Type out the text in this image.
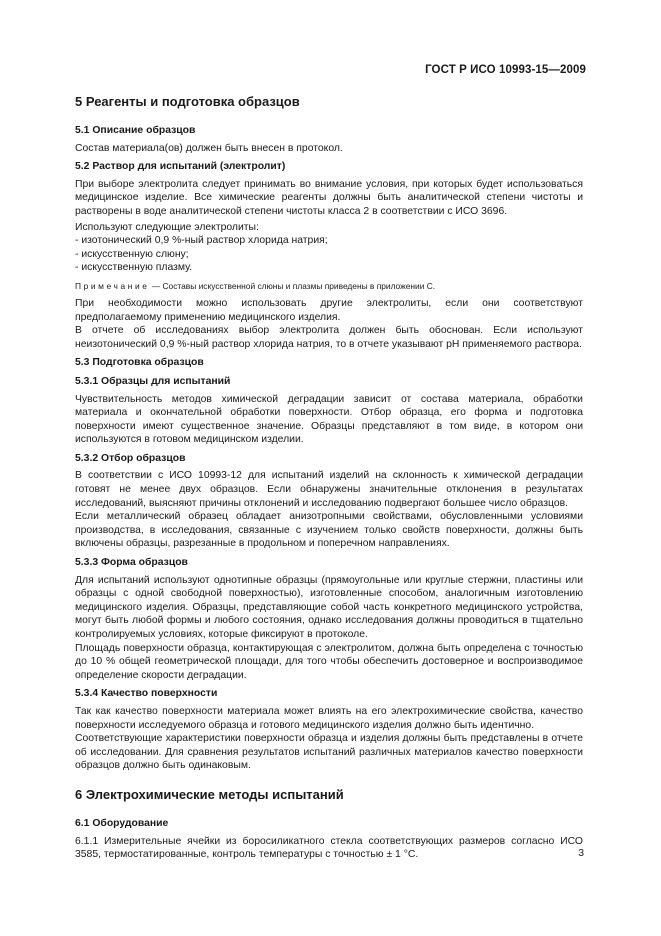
ГОСТ Р ИСО 10993-15—2009

5 Реагенты и подготовка образцов

5.1 Описание образцов

Состав материала(ов) должен быть внесен в протокол.

5.2 Раствор для испытаний (электролит)

При выборе электролита следует принимать во внимание условия, при которых будет использоваться медицинское изделие. Все химические реагенты должны быть аналитической степени чистоты и растворены в воде аналитической степени чистоты класса 2 в соответствии с ИСО 3696.

Используют следующие электролиты:

- изотонический 0,9 %-ный раствор хлорида натрия;

- искусственную слюну;

- искусственную плазму.

Примечание — Составы искусственной слюны и плазмы приведены в приложении С.

При необходимости можно использовать другие электролиты, если они соответствуют предполагаемому применению медицинского изделия.

В отчете об исследованиях выбор электролита должен быть обоснован. Если используют неизотонический 0,9 %-ный раствор хлорида натрия, то в отчете указывают pH применяемого раствора.

5.3 Подготовка образцов

5.3.1 Образцы для испытаний

Чувствительность методов химической деградации зависит от состава материала, обработки материала и окончательной обработки поверхности. Отбор образца, его форма и подготовка поверхности имеют существенное значение. Образцы представляют в том виде, в котором они используются в готовом медицинском изделии.

5.3.2 Отбор образцов

В соответствии с ИСО 10993-12 для испытаний изделий на склонность к химической деградации готовят не менее двух образцов. Если обнаружены значительные отклонения в результатах исследований, выясняют причины отклонений и исследованию подвергают большее число образцов.

Если металлический образец обладает анизотропными свойствами, обусловленными условиями производства, в исследования, связанные с изучением только свойств поверхности, должны быть включены образцы, разрезанные в продольном и поперечном направлениях.

5.3.3 Форма образцов

Для испытаний используют однотипные образцы (прямоугольные или круглые стержни, пластины или образцы с одной свободной поверхностью), изготовленные способом, аналогичным изготовлению медицинского изделия. Образцы, представляющие собой часть конкретного медицинского устройства, могут быть любой формы и любого состояния, однако исследования должны проводиться в тщательно контролируемых условиях, которые фиксируют в протоколе.

Площадь поверхности образца, контактирующая с электролитом, должна быть определена с точностью до 10 % общей геометрической площади, для того чтобы обеспечить достоверное и воспроизводимое определение скорости деградации.

5.3.4 Качество поверхности

Так как качество поверхности материала может влиять на его электрохимические свойства, качество поверхности исследуемого образца и готового медицинского изделия должно быть идентично.

Соответствующие характеристики поверхности образца и изделия должны быть представлены в отчете об исследовании. Для сравнения результатов испытаний различных материалов качество поверхности образцов должно быть одинаковым.

6 Электрохимические методы испытаний

6.1 Оборудование

6.1.1 Измерительные ячейки из боросиликатного стекла соответствующих размеров согласно ИСО 3585, термостатированные, контроль температуры с точностью ± 1 °С.	3
